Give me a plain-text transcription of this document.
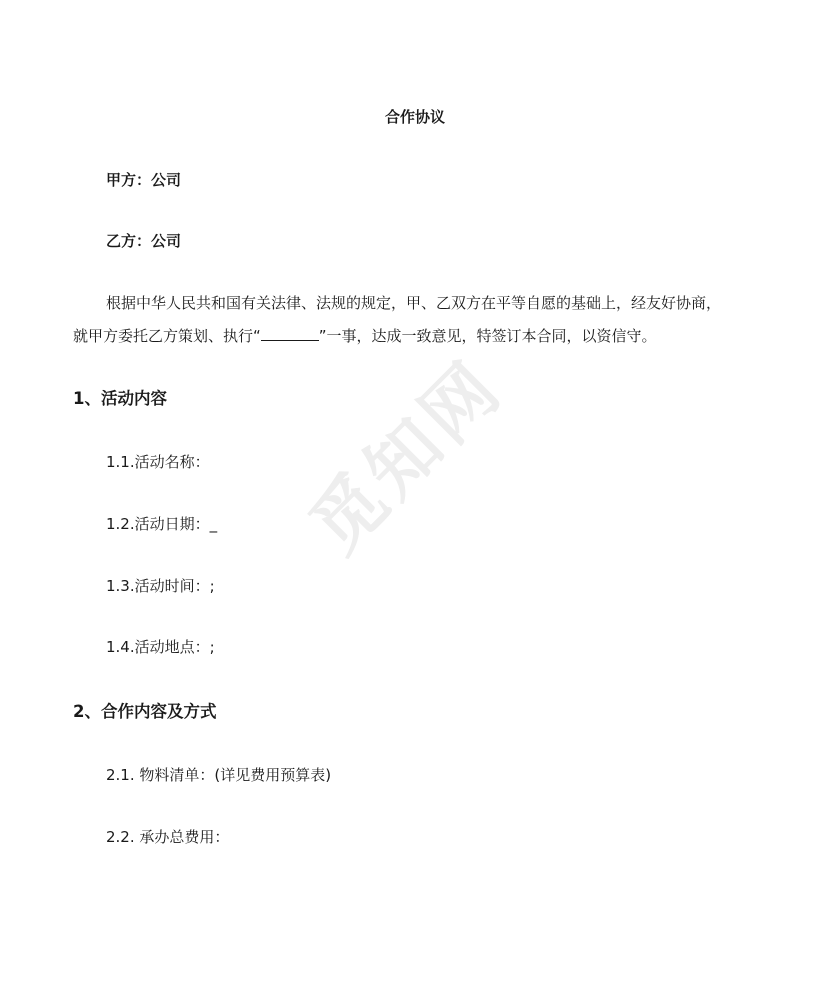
觅知网
合作协议
甲方：公司
乙方：公司
根据中华人民共和国有关法律、法规的规定，甲、乙双方在平等自愿的基础上，经友好协商，
就甲方委托乙方策划、执行“	”一事，达成一致意见，特签订本合同，以资信守。
1、活动内容
1.1.活动名称：
1.2.活动日期：_
1.3.活动时间：;
1.4.活动地点：;
2、合作内容及方式
2.1. 物料清单：(详见费用预算表)
2.2. 承办总费用：
